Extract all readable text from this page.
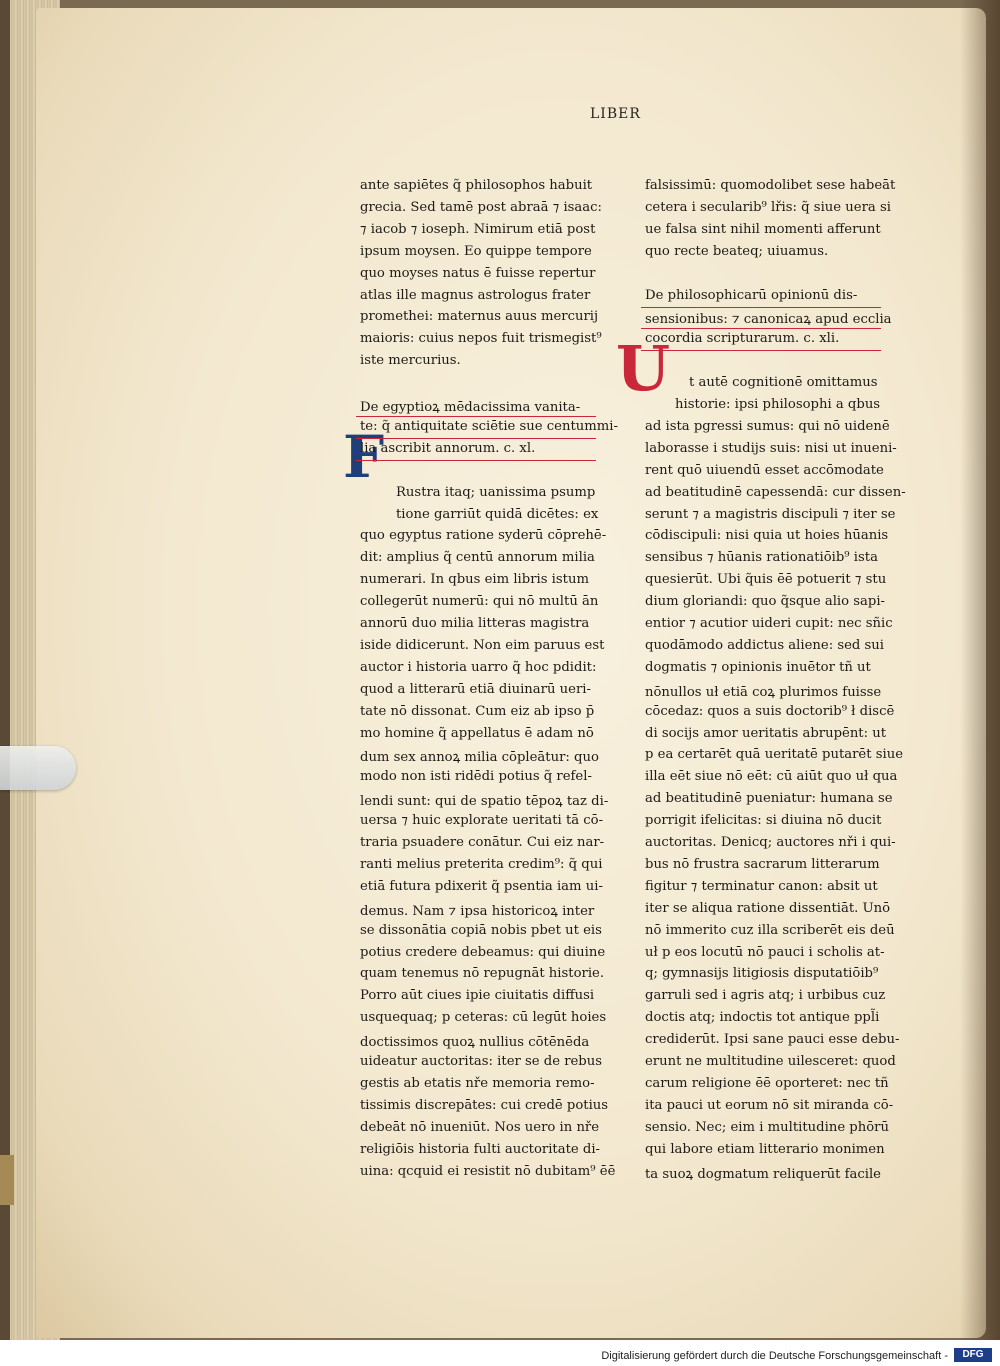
LIBER
F
U
ante sapiētes q̃ philosophos habuit
grecia. Sed tamē post abraā ⁊ isaac:
⁊ iacob ⁊ ioseph. Nimirum etiā post
ipsum moysen. Eo quippe tempore
quo moyses natus ē fuisse repertur
atlas ille magnus astrologus frater
promethei: maternus auus mercurij
maioris: cuius nepos fuit trismegist⁹
iste mercurius.
De egyptioꝝ mēdacissima vanita-
te: q̃ antiquitate sciētie sue centummi-
lia ascribit annorum. c. xl.
Rustra itaq; uanissima psump
tione garriūt quidā dicētes: ex
quo egyptus ratione syderū cōprehē-
dit: amplius q̃ centū annorum milia
numerari. In qbus eim libris istum
collegerūt numerū: qui nō multū ān
annorū duo milia litteras magistra
iside didicerunt. Non eim paruus est
auctor i historia uarro q̃ hoc pdidit:
quod a litterarū etiā diuinarū ueri-
tate nō dissonat. Cum eiz ab ipso p̄
mo homine q̃ appellatus ē adam nō
dum sex annoꝝ milia cōpleātur: quo
modo non isti ridēdi potius q̃ refel-
lendi sunt: qui de spatio tēpoꝝ taz di-
uersa ⁊ huic explorate ueritati tā cō-
traria psuadere conātur. Cui eiz nar-
ranti melius preterita credim⁹: q̃ qui
etiā futura pdixerit q̃ psentia iam ui-
demus. Nam ⁊ ipsa historicoꝝ inter
se dissonātia copiā nobis pbet ut eis
potius credere debeamus: qui diuine
quam tenemus nō repugnāt historie.
Porro aūt ciues ipie ciuitatis diffusi
usquequaq; p ceteras: cū legūt hoies
doctissimos quoꝝ nullius cōtēnēda
uideatur auctoritas: iter se de rebus
gestis ab etatis nře memoria remo-
tissimis discrepātes: cui credē potius
debeāt nō inueniūt. Nos uero in nře
religiōis historia fulti auctoritate di-
uina: qcquid ei resistit nō dubitam⁹ ēē
falsissimū: quomodolibet sese habeāt
cetera i secularib⁹ lřis: q̃ siue uera si
ue falsa sint nihil momenti afferunt
quo recte beateq; uiuamus.
De philosophicarū opinionū dis-
sensionibus: ⁊ canonicaꝝ apud ecclia
cocordia scripturarum. c. xli.
t autē cognitionē omittamus
historie: ipsi philosophi a qbus
ad ista pgressi sumus: qui nō uidenē
laborasse i studijs suis: nisi ut inueni-
rent quō uiuendū esset accōmodate
ad beatitudinē capessendā: cur dissen-
serunt ⁊ a magistris discipuli ⁊ iter se
cōdiscipuli: nisi quia ut hoies hūanis
sensibus ⁊ hūanis rationatiōib⁹ ista
quesierūt. Ubi q̃uis ēē potuerit ⁊ stu
dium gloriandi: quo q̃sque alio sapi-
entior ⁊ acutior uideri cupit: nec sñic
quodāmodo addictus aliene: sed sui
dogmatis ⁊ opinionis inuētor tñ ut
nōnullos uł etiā coꝝ plurimos fuisse
cōcedaz: quos a suis doctorib⁹ ł discē
di socijs amor ueritatis abrupēnt: ut
p ea certarēt quā ueritatē putarēt siue
illa eēt siue nō eēt: cū aiūt quo uł qua
ad beatitudinē pueniatur: humana se
porrigit ifelicitas: si diuina nō ducit
auctoritas. Denicq; auctores nři i qui-
bus nō frustra sacrarum litterarum
figitur ⁊ terminatur canon: absit ut
iter se aliqua ratione dissentiāt. Unō
nō immerito cuz illa scriberēt eis deū
uł p eos locutū nō pauci i scholis at-
q; gymnasijs litigiosis disputatiōib⁹
garruli sed i agris atq; i urbibus cuz
doctis atq; indoctis tot antique ppl̃i
crediderūt. Ipsi sane pauci esse debu-
erunt ne multitudine uilesceret: quod
carum religione ēē oporteret: nec tñ
ita pauci ut eorum nō sit miranda cō-
sensio. Nec; eim i multitudine phōrū
qui labore etiam litterario monimen
ta suoꝝ dogmatum reliquerūt facile
Digitalisierung gefördert durch die Deutsche Forschungsgemeinschaft -	DFG
